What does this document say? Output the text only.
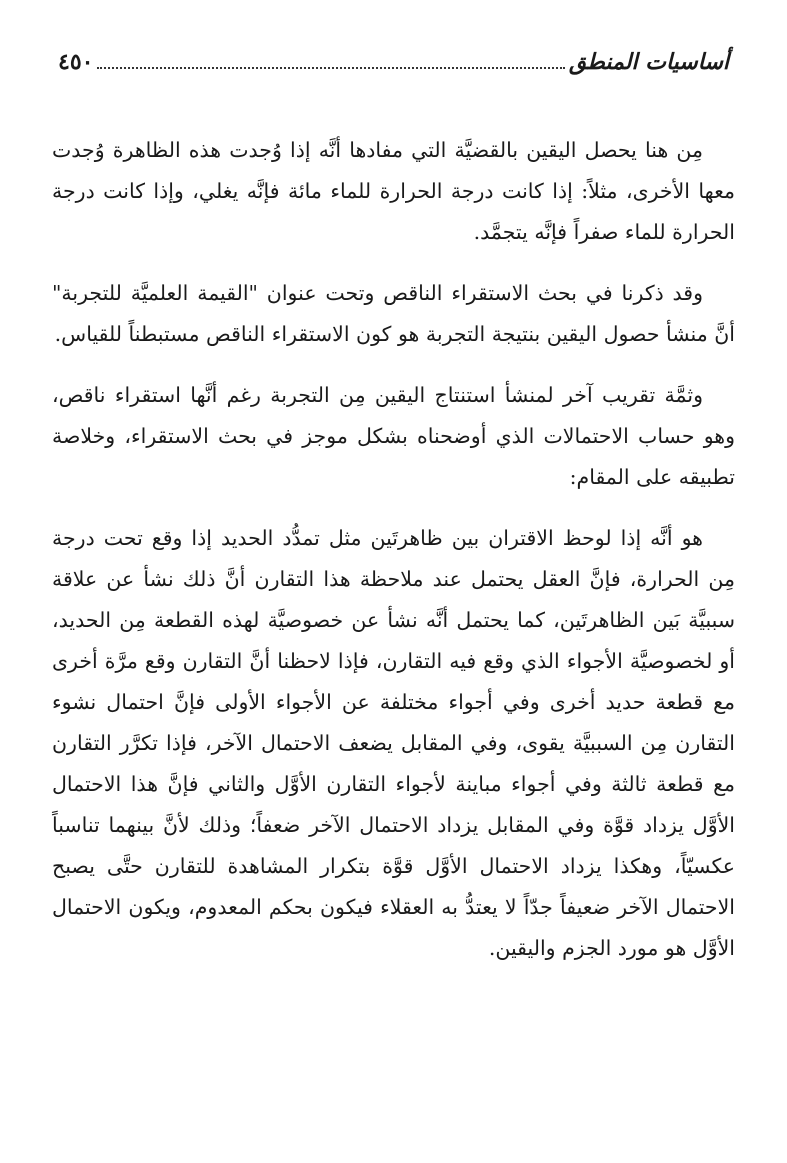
أساسيات المنطق
٤٥٠

مِن هنا يحصل اليقين بالقضيَّة التي مفادها أنَّه إذا وُجدت هذه الظاهرة وُجدت معها الأخرى، مثلاً: إذا كانت درجة الحرارة للماء مائة فإنَّه يغلي، وإذا كانت درجة الحرارة للماء صفراً فإنَّه يتجمَّد.

وقد ذكرنا في بحث الاستقراء الناقص وتحت عنوان "القيمة العلميَّة للتجربة" أنَّ منشأ حصول اليقين بنتيجة التجربة هو كون الاستقراء الناقص مستبطناً للقياس.

وثمَّة تقريب آخر لمنشأ استنتاج اليقين مِن التجربة رغم أنَّها استقراء ناقص، وهو حساب الاحتمالات الذي أوضحناه بشكل موجز في بحث الاستقراء، وخلاصة تطبيقه على المقام:

هو أنَّه إذا لوحظ الاقتران بين ظاهرتَين مثل تمدُّد الحديد إذا وقع تحت درجة مِن الحرارة، فإنَّ العقل يحتمل عند ملاحظة هذا التقارن أنَّ ذلك نشأ عن علاقة سببيَّة بَين الظاهرتَين، كما يحتمل أنَّه نشأ عن خصوصيَّة لهذه القطعة مِن الحديد، أو لخصوصيَّة الأجواء الذي وقع فيه التقارن، فإذا لاحظنا أنَّ التقارن وقع مرَّة أخرى مع قطعة حديد أخرى وفي أجواء مختلفة عن الأجواء الأولى فإنَّ احتمال نشوء التقارن مِن السببيَّة يقوى، وفي المقابل يضعف الاحتمال الآخر، فإذا تكرَّر التقارن مع قطعة ثالثة وفي أجواء مباينة لأجواء التقارن الأوَّل والثاني فإنَّ هذا الاحتمال الأوَّل يزداد قوَّة وفي المقابل يزداد الاحتمال الآخر ضعفاً؛ وذلك لأنَّ بينهما تناسباً عكسيّاً، وهكذا يزداد الاحتمال الأوَّل قوَّة بتكرار المشاهدة للتقارن حتَّى يصبح الاحتمال الآخر ضعيفاً جدّاً لا يعتدُّ به العقلاء فيكون بحكم المعدوم، ويكون الاحتمال الأوَّل هو مورد الجزم واليقين.
